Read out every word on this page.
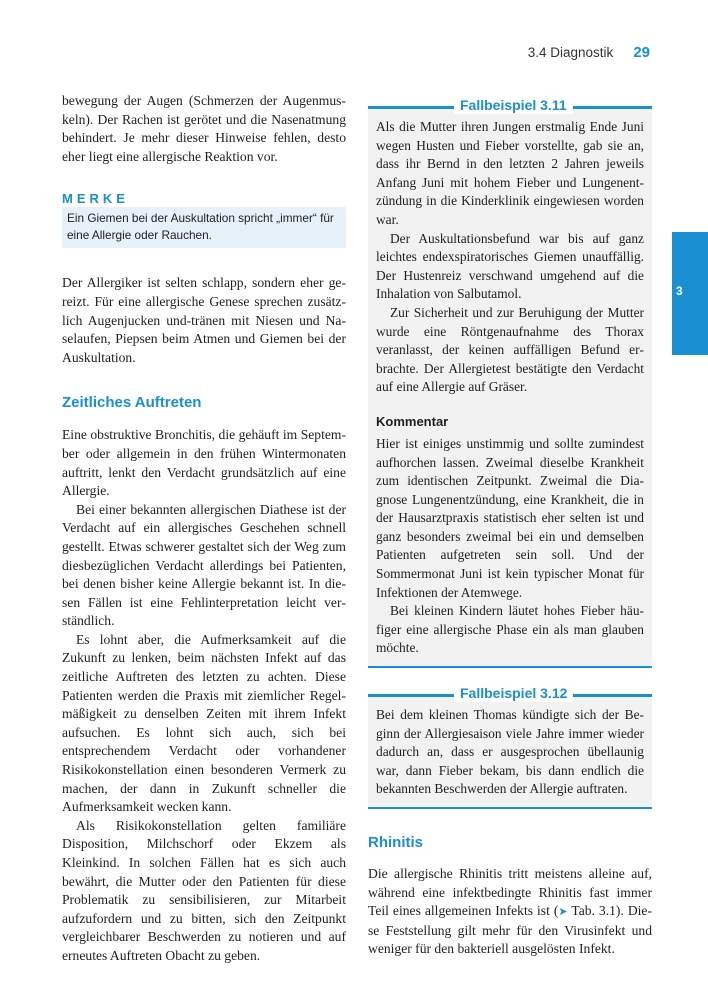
3.4 Diagnostik 29
3

bewegung der Augen (Schmerzen der Augenmuskeln). Der Rachen ist gerötet und die Nasenatmung behindert. Je mehr dieser Hinweise fehlen, desto eher liegt eine allergische Reaktion vor.

MERKE
Ein Giemen bei der Auskultation spricht „immer“ für eine Allergie oder Rauchen.

Der Allergiker ist selten schlapp, sondern eher gereizt. Für eine allergische Genese sprechen zusätzlich Augenjucken und-tränen mit Niesen und Naselaufen, Piepsen beim Atmen und Giemen bei der Auskultation.

Zeitliches Auftreten

Eine obstruktive Bronchitis, die gehäuft im September oder allgemein in den frühen Wintermonaten auftritt, lenkt den Verdacht grundsätzlich auf eine Allergie.

Bei einer bekannten allergischen Diathese ist der Verdacht auf ein allergisches Geschehen schnell gestellt. Etwas schwerer gestaltet sich der Weg zum diesbezüglichen Verdacht allerdings bei Patienten, bei denen bisher keine Allergie bekannt ist. In diesen Fällen ist eine Fehlinterpretation leicht verständlich.

Es lohnt aber, die Aufmerksamkeit auf die Zukunft zu lenken, beim nächsten Infekt auf das zeitliche Auftreten des letzten zu achten. Diese Patienten werden die Praxis mit ziemlicher Regelmäßigkeit zu denselben Zeiten mit ihrem Infekt aufsuchen. Es lohnt sich auch, sich bei entsprechendem Verdacht oder vorhandener Risikokonstellation einen besonderen Vermerk zu machen, der dann in Zukunft schneller die Aufmerksamkeit wecken kann.

Als Risikokonstellation gelten familiäre Disposition, Milchschorf oder Ekzem als Kleinkind. In solchen Fällen hat es sich auch bewährt, die Mutter oder den Patienten für diese Problematik zu sensibilisieren, zur Mitarbeit aufzufordern und zu bitten, sich den Zeitpunkt vergleichbarer Beschwerden zu notieren und auf erneutes Auftreten Obacht zu geben.

Fallbeispiel 3.11

Als die Mutter ihren Jungen erstmalig Ende Juni wegen Husten und Fieber vorstellte, gab sie an, dass ihr Bernd in den letzten 2 Jahren jeweils Anfang Juni mit hohem Fieber und Lungenentzündung in die Kinderklinik eingewiesen worden war.

Der Auskultationsbefund war bis auf ganz leichtes endexspiratorisches Giemen unauffällig. Der Hustenreiz verschwand umgehend auf die Inhalation von Salbutamol.

Zur Sicherheit und zur Beruhigung der Mutter wurde eine Röntgenaufnahme des Thorax veranlasst, der keinen auffälligen Befund erbrachte. Der Allergietest bestätigte den Verdacht auf eine Allergie auf Gräser.

Kommentar

Hier ist einiges unstimmig und sollte zumindest aufhorchen lassen. Zweimal dieselbe Krankheit zum identischen Zeitpunkt. Zweimal die Diagnose Lungenentzündung, eine Krankheit, die in der Hausarztpraxis statistisch eher selten ist und ganz besonders zweimal bei ein und demselben Patienten aufgetreten sein soll. Und der Sommermonat Juni ist kein typischer Monat für Infektionen der Atemwege.

Bei kleinen Kindern läutet hohes Fieber häufiger eine allergische Phase ein als man glauben möchte.

Fallbeispiel 3.12

Bei dem kleinen Thomas kündigte sich der Beginn der Allergiesaison viele Jahre immer wieder dadurch an, dass er ausgesprochen übellaunig war, dann Fieber bekam, bis dann endlich die bekannten Beschwerden der Allergie auftraten.

Rhinitis

Die allergische Rhinitis tritt meistens alleine auf, während eine infektbedingte Rhinitis fast immer Teil eines allgemeinen Infekts ist (➤ Tab. 3.1). Diese Feststellung gilt mehr für den Virusinfekt und weniger für den bakteriell ausgelösten Infekt.
